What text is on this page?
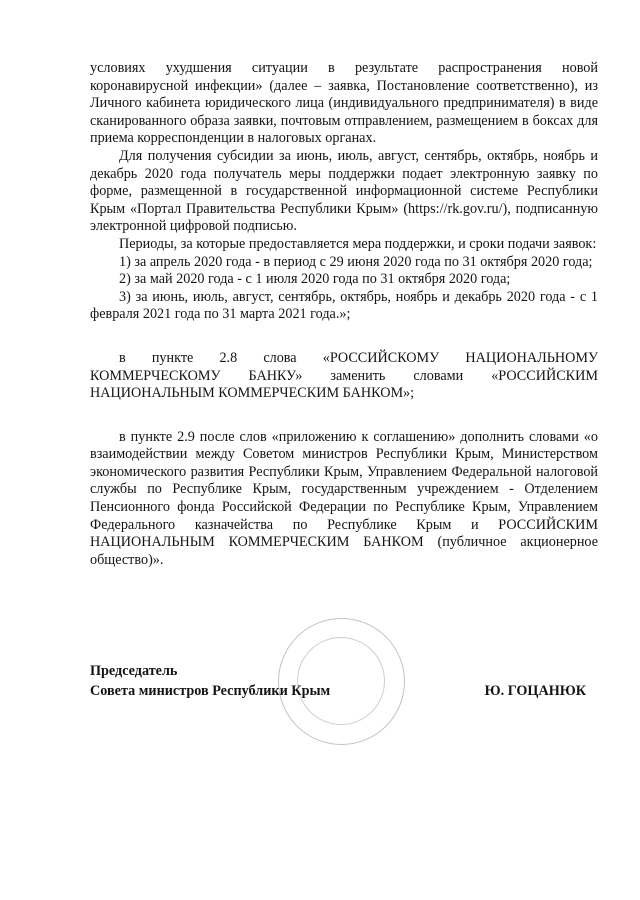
условиях ухудшения ситуации в результате распространения новой коронавирусной инфекции» (далее – заявка, Постановление соответственно), из Личного кабинета юридического лица (индивидуального предпринимателя) в виде сканированного образа заявки, почтовым отправлением, размещением в боксах для приема корреспонденции в налоговых органах.

Для получения субсидии за июнь, июль, август, сентябрь, октябрь, ноябрь и декабрь 2020 года получатель меры поддержки подает электронную заявку по форме, размещенной в государственной информационной системе Республики Крым «Портал Правительства Республики Крым» (https://rk.gov.ru/), подписанную электронной цифровой подписью.

Периоды, за которые предоставляется мера поддержки, и сроки подачи заявок:

1) за апрель 2020 года - в период с 29 июня 2020 года по 31 октября 2020 года;

2) за май 2020 года - с 1 июля 2020 года по 31 октября 2020 года;

3) за июнь, июль, август, сентябрь, октябрь, ноябрь и декабрь 2020 года - с 1 февраля 2021 года по 31 марта 2021 года.»;

в пункте 2.8 слова «РОССИЙСКОМУ НАЦИОНАЛЬНОМУ КОММЕРЧЕСКОМУ БАНКУ» заменить словами «РОССИЙСКИМ НАЦИОНАЛЬНЫМ КОММЕРЧЕСКИМ БАНКОМ»;

в пункте 2.9 после слов «приложению к соглашению» дополнить словами «о взаимодействии между Советом министров Республики Крым, Министерством экономического развития Республики Крым, Управлением Федеральной налоговой службы по Республике Крым, государственным учреждением - Отделением Пенсионного фонда Российской Федерации по Республике Крым, Управлением Федерального казначейства по Республике Крым и РОССИЙСКИМ НАЦИОНАЛЬНЫМ КОММЕРЧЕСКИМ БАНКОМ (публичное акционерное общество)».

Председатель
Совета министров Республики Крым	Ю. ГОЦАНЮК
